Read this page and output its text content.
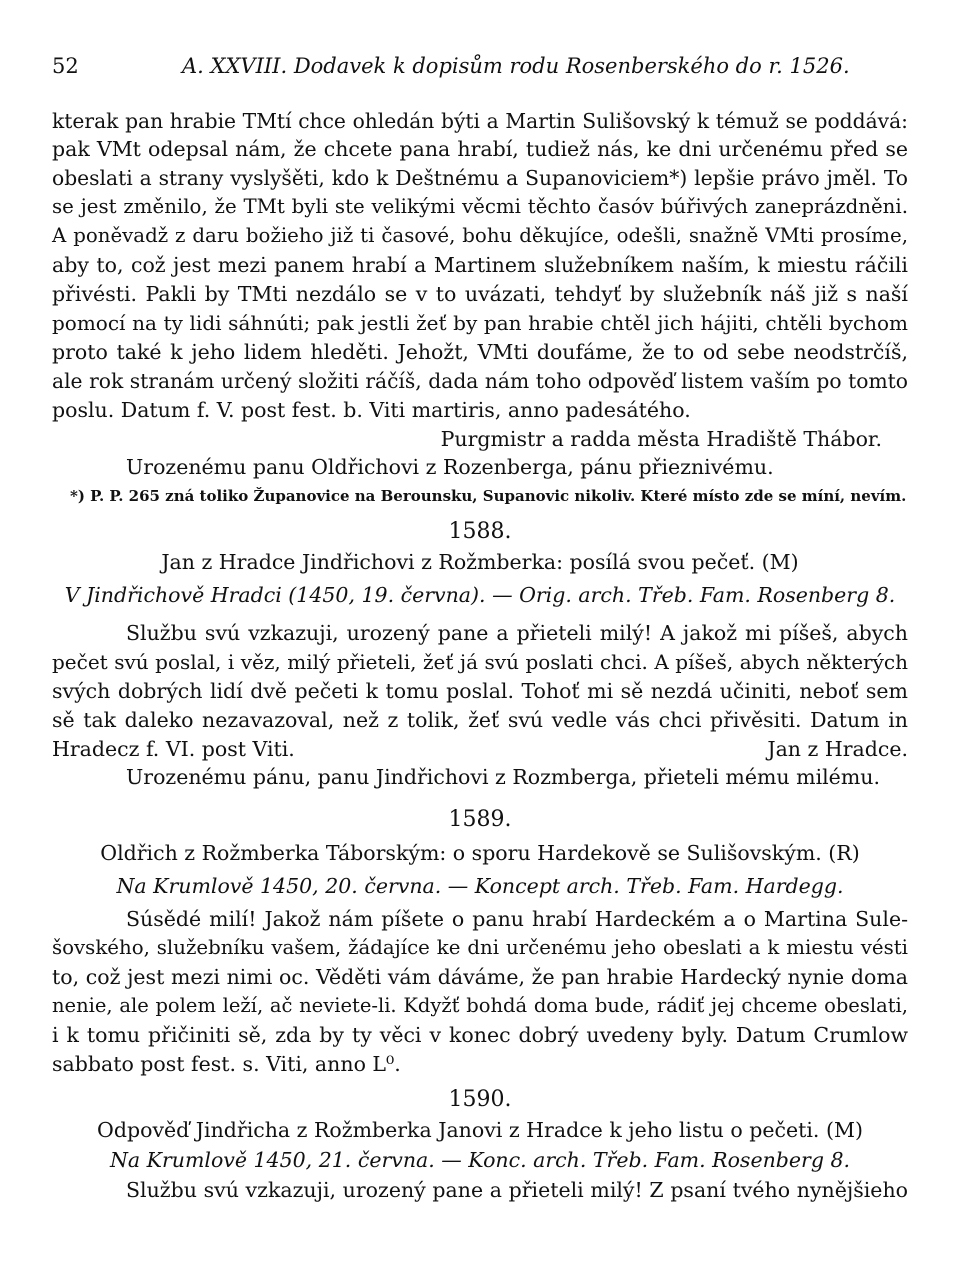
52	A. XXVIII. Dodavek k dopisům rodu Rosenberského do r. 1526.
kterak pan hrabie TMtí chce ohledán býti a Martin Sulišovský k témuž se poddává:
pak VMt odepsal nám, že chcete pana hrabí, tudiež nás, ke dni určenému před se
obeslati a strany vyslyšěti, kdo k Deštnému a Supanoviciem*) lepšie právo jměl. To
se jest změnilo, že TMt byli ste velikými věcmi těchto časóv búřivých zaneprázdněni.
A poněvadž z daru božieho již ti časové, bohu děkujíce, odešli, snažně VMti prosíme,
aby to, což jest mezi panem hrabí a Martinem služebníkem naším, k miestu ráčili
přivésti. Pakli by TMti nezdálo se v to uvázati, tehdyť by služebník náš již s naší
pomocí na ty lidi sáhnúti; pak jestli žeť by pan hrabie chtěl jich hájiti, chtěli bychom
proto také k jeho lidem hleděti. Jehožt, VMti doufáme, že to od sebe neodstrčíš,
ale rok stranám určený složiti ráčíš, dada nám toho odpověď listem vaším po tomto
poslu. Datum f. V. post fest. b. Viti martiris, anno padesátého.
Purgmistr a radda města Hradiště Thábor.
Urozenému panu Oldřichovi z Rozenberga, pánu přieznivému.
*) P. P. 265 zná toliko Županovice na Berounsku, Supanovic nikoliv. Které místo zde se míní, nevím.
1588.
Jan z Hradce Jindřichovi z Rožmberka: posílá svou pečeť. (M)
V Jindřichově Hradci (1450, 19. června). — Orig. arch. Třeb. Fam. Rosenberg 8.
Službu svú vzkazuji, urozený pane a přieteli milý! A jakož mi píšeš, abych
pečet svú poslal, i věz, milý přieteli, žeť já svú poslati chci. A píšeš, abych některých
svých dobrých lidí dvě pečeti k tomu poslal. Tohoť mi sě nezdá učiniti, neboť sem
sě tak daleko nezavazoval, než z tolik, žeť svú vedle vás chci přivěsiti. Datum in
Hradecz f. VI. post Viti.	Jan z Hradce.
Urozenému pánu, panu Jindřichovi z Rozmberga, přieteli mému milému.
1589.
Oldřich z Rožmberka Táborským: o sporu Hardekově se Sulišovským. (R)
Na Krumlově 1450, 20. června. — Koncept arch. Třeb. Fam. Hardegg.
Súsědé milí! Jakož nám píšete o panu hrabí Hardeckém a o Martina Sule-
šovského, služebníku vašem, žádajíce ke dni určenému jeho obeslati a k miestu vésti
to, což jest mezi nimi oc. Věděti vám dáváme, že pan hrabie Hardecký nynie doma
nenie, ale polem leží, ač neviete-li. Kdyžť bohdá doma bude, rádiť jej chceme obeslati,
i k tomu přičiniti sě, zda by ty věci v konec dobrý uvedeny byly. Datum Crumlow
sabbato post fest. s. Viti, anno L⁰.
1590.
Odpověď Jindřicha z Rožmberka Janovi z Hradce k jeho listu o pečeti. (M)
Na Krumlově 1450, 21. června. — Konc. arch. Třeb. Fam. Rosenberg 8.
Službu svú vzkazuji, urozený pane a přieteli milý! Z psaní tvého nynějšieho
